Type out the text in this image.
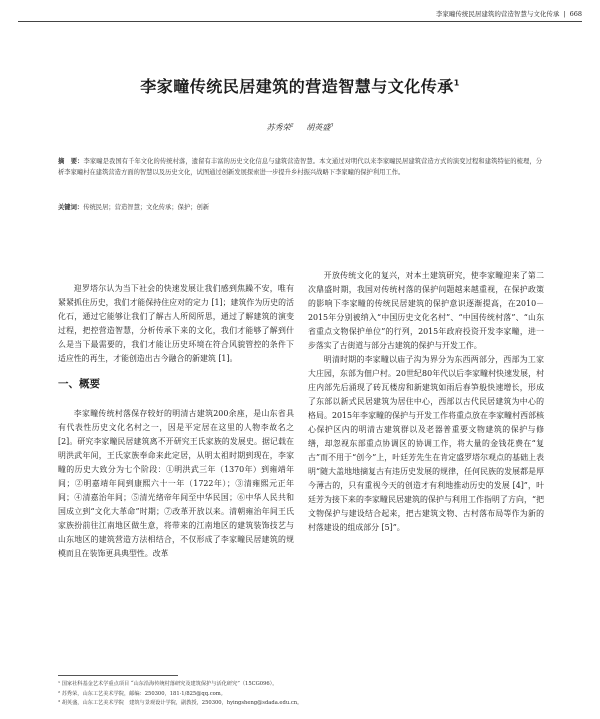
李家疃传统民居建筑的营造智慧与文化传承 | 668
李家疃传统民居建筑的营造智慧与文化传承$^1$
苏秀荣$^2$ 胡英盛$^3$
摘　要：李家疃是我国有千年文化的传统村落，遗留有丰富的历史文化信息与建筑营造智慧。本文通过对明代以来李家疃民居建筑营造方式的演变过程和建筑特征的梳理，分析李家疃村在建筑营造方面的智慧以及历史文化，试图通过创新发展探索进一步提升乡村振兴战略下李家疃的保护利用工作。
关键词：传统民居；营造智慧；文化传承；保护；创新

迎罗塔尔认为当下社会的快速发展让我们感到焦躁不安，唯有紧紧抓住历史，我们才能保持住应对的定力 [1]；建筑作为历史的活化石，通过它能够让我们了解古人所阅所思，通过了解建筑的演变过程，把控营造智慧，分析传承下来的文化，我们才能够了解到什么是当下最需要的，我们才能让历史环境在符合风貌管控的条件下适应性的再生，才能创造出古今融合的新建筑 [1]。

一、概要

李家疃传统村落保存较好的明清古建筑200余座，是山东省具有代表性历史文化名村之一，因是平定居在这里的人物李故名之 [2]。研究李家疃民居建筑离不开研究王氏家族的发展史。据记载在明洪武年间，王氏家族奉命来此定居，从明太祖时期到现在，李家疃的历史大致分为七个阶段：①明洪武三年（1370年）到雍靖年间；②明嘉靖年间到康熙六十一年（1722年）；③清雍熙元正年间；④清嘉治年间；⑤清光绪帝年间至中华民国；⑥中华人民共和国成立到“文化大革命”时期；⑦改革开放以来。清朝雍治年间王氏家族扮前往江南地区做生意，将带来的江南地区的建筑装饰技艺与山东地区的建筑营造方法相结合，不仅形成了李家疃民居建筑的规模而且在装饰更具典型性。改革

开放传统文化的复兴，对本土建筑研究，使李家疃迎来了第二次鼎盛时期，我国对传统村落的保护问题越来越重视，在保护政策的影响下李家疃的传统民居建筑的保护意识逐渐提高，在2010－2015年分别被纳入“中国历史文化名村”、“中国传统村落”、“山东省重点文物保护单位”的行列，2015年政府投资开发李家疃，进一步落实了古街道与部分古建筑的保护与开发工作。

明清时期的李家疃以庙子沟为界分为东西两部分，西部为工家大庄园，东部为佃户村。20世纪80年代以后李家疃村快速发展，村庄内部先后涌现了砖瓦楼房和新建筑如雨后春笋般快速增长，形成了东部以新式民居建筑为居住中心，西部以古代民居建筑为中心的格局。2015年李家疃的保护与开发工作将重点放在李家疃村西部核心保护区内的明清古建筑群以及老器普重要文物建筑的保护与修缮，却忽视东部重点协调区的协调工作，将大量的金钱花费在“复古”而不用于“创今”上，叶廷芳先生在肯定盛罗塔尔观点的基础上表明“随大盖地地摘复古有违历史发展的规律，任何民族的发展都是厚今薄古的，只有重视今天的创造才有利地推动历史的发展 [4]”，叶廷芳为接下来的李家疃民居建筑的保护与利用工作指明了方向，“把文物保护与建设结合起来，把古建筑文物、古村落布局等作为新的村落建设的组成部分 [5]”。

¹ 国家社科基金艺术学重点项目 “山东沿海传统村落研究及建筑保护与活化研究”（15CG096）。
² 苏秀荣，山东工艺美术学院，邮编：250300，181·1/825@qq.com。
³ 胡英盛，山东工艺美术学院　建筑与景观设计学院，副教授，250300，hyingsheng@sdada.edu.cn。
